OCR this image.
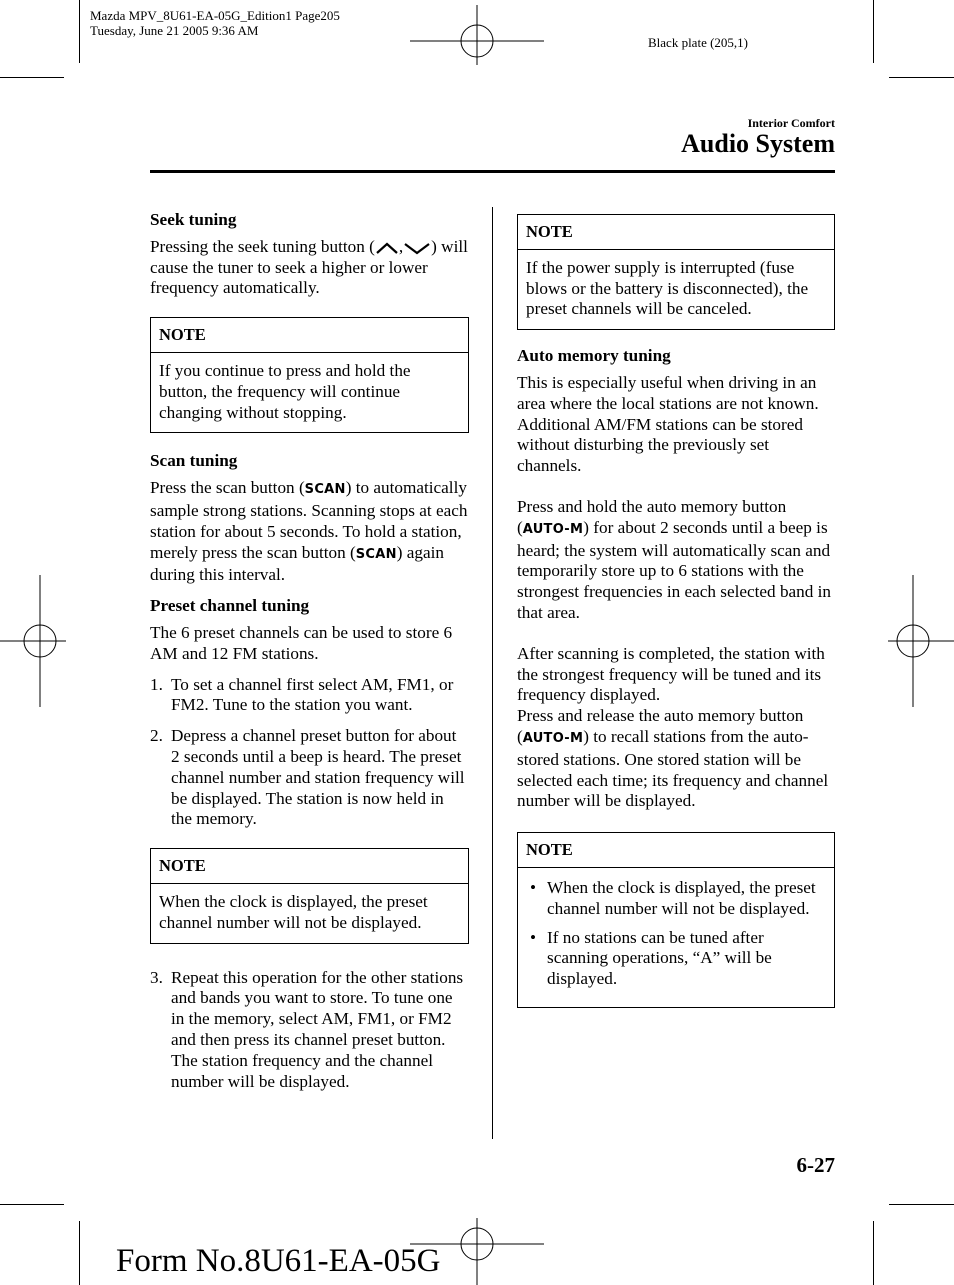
Mazda MPV_8U61-EA-05G_Edition1 Page205
Tuesday, June 21 2005 9:36 AM
Black plate (205,1)
Interior Comfort
Audio System
Seek tuning

Pressing the seek tuning button ( , ) will cause the tuner to seek a higher or lower frequency automatically.

NOTE
If you continue to press and hold the button, the frequency will continue changing without stopping.
Scan tuning

Press the scan button (SCAN) to automatically sample strong stations. Scanning stops at each station for about 5 seconds. To hold a station, merely press the scan button (SCAN) again during this interval.

Preset channel tuning

The 6 preset channels can be used to store 6 AM and 12 FM stations.

1. To set a channel first select AM, FM1, or FM2. Tune to the station you want.
2. Depress a channel preset button for about 2 seconds until a beep is heard. The preset channel number and station frequency will be displayed. The station is now held in the memory.
NOTE
When the clock is displayed, the preset channel number will not be displayed.
3. Repeat this operation for the other stations and bands you want to store. To tune one in the memory, select AM, FM1, or FM2 and then press its channel preset button. The station frequency and the channel number will be displayed.
NOTE
If the power supply is interrupted (fuse blows or the battery is disconnected), the preset channels will be canceled.
Auto memory tuning

This is especially useful when driving in an area where the local stations are not known. Additional AM/FM stations can be stored without disturbing the previously set channels.

Press and hold the auto memory button (AUTO-M) for about 2 seconds until a beep is heard; the system will automatically scan and temporarily store up to 6 stations with the strongest frequencies in each selected band in that area.

After scanning is completed, the station with the strongest frequency will be tuned and its frequency displayed.

Press and release the auto memory button (AUTO-M) to recall stations from the auto-stored stations. One stored station will be selected each time; its frequency and channel number will be displayed.

NOTE
• When the clock is displayed, the preset channel number will not be displayed.
• If no stations can be tuned after scanning operations, “A” will be displayed.
6-27
Form No.8U61-EA-05G
